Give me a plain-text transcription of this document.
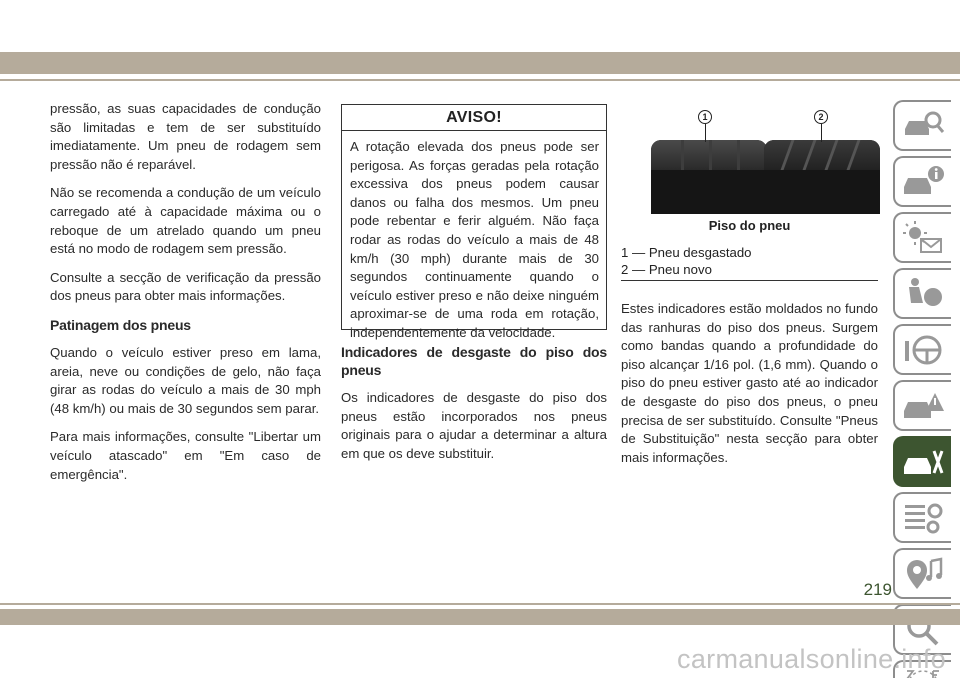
pressão, as suas capacidades de condução são limitadas e tem de ser substituído imediatamente. Um pneu de rodagem sem pressão não é reparável.

Não se recomenda a condução de um veículo carregado até à capacidade máxima ou o reboque de um atrelado quando um pneu está no modo de rodagem sem pressão.

Consulte a secção de verificação da pressão dos pneus para obter mais informações.

Patinagem dos pneus

Quando o veículo estiver preso em lama, areia, neve ou condições de gelo, não faça girar as rodas do veículo a mais de 30 mph (48 km/h) ou mais de 30 segundos sem parar.

Para mais informações, consulte "Libertar um veículo atascado" em "Em caso de emergência".

AVISO!
A rotação elevada dos pneus pode ser perigosa. As forças geradas pela rotação excessiva dos pneus podem causar danos ou falha dos mesmos. Um pneu pode rebentar e ferir alguém. Não faça rodar as rodas do veículo a mais de 48 km/h (30 mph) durante mais de 30 segundos continuamente quando o veículo estiver preso e não deixe ninguém aproximar-se de uma roda em rotação, independentemente da velocidade.
Indicadores de desgaste do piso dos pneus

Os indicadores de desgaste do piso dos pneus estão incorporados nos pneus originais para o ajudar a determinar a altura em que os deve substituir.

1	2
Piso do pneu
1 — Pneu desgastado
2 — Pneu novo

Estes indicadores estão moldados no fundo das ranhuras do piso dos pneus. Surgem como bandas quando a profundidade do piso alcançar 1/16 pol. (1,6 mm). Quando o piso do pneu estiver gasto até ao indicador de desgaste do piso dos pneus, o pneu precisa de ser substituído. Consulte "Pneus de Substituição" nesta secção para obter mais informações.

219
carmanualsonline.info
